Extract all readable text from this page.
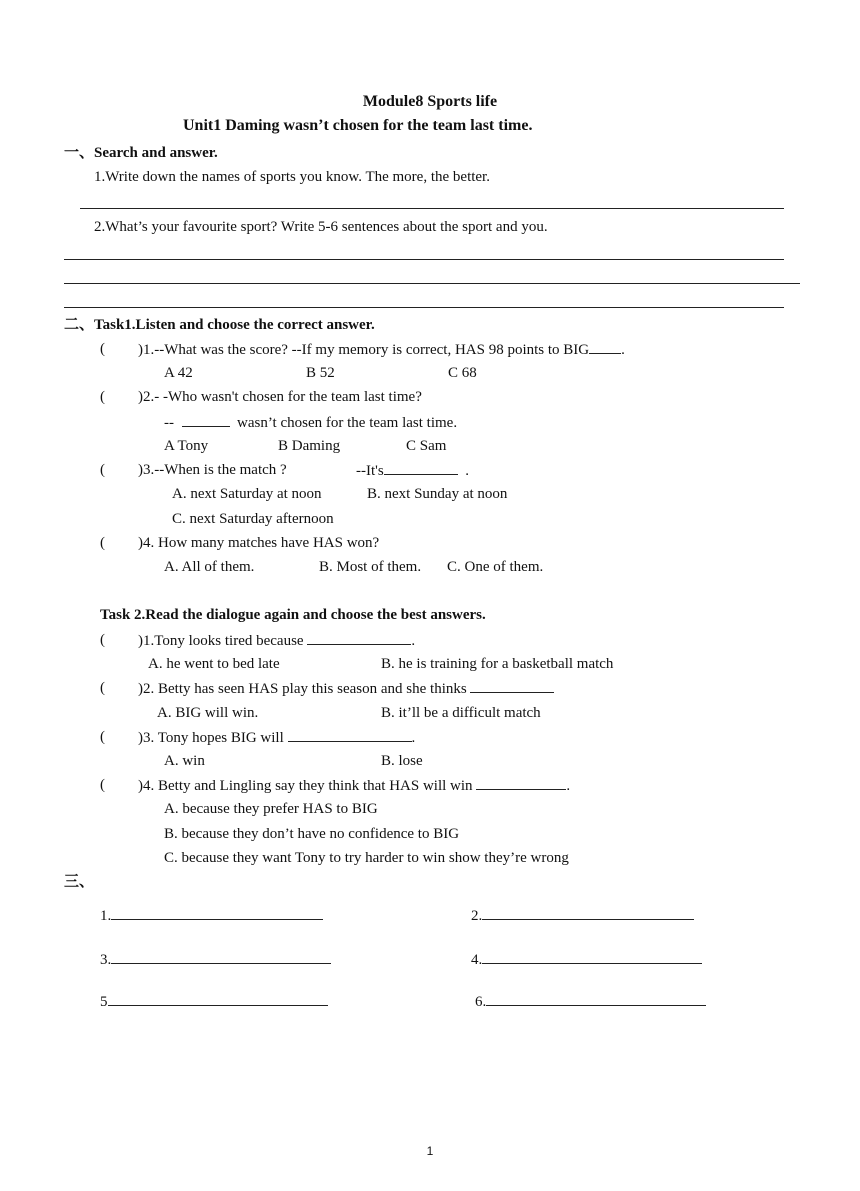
Module8 Sports life
Unit1 Daming wasn’t chosen for the team last time.
一、Search and answer.
1.Write down the names of sports you know. The more, the better.
2.What’s your favourite sport? Write 5-6 sentences about the sport and you.
二、Task1.Listen and choose the correct answer.
( )1.--What was the score? --If my memory is correct, HAS 98 points to BIG .
A 42	B 52	C 68
( )2.- -Who wasn't chosen for the team last time?
--	wasn’t chosen for the team last time.
A Tony	B Daming	C Sam
( )3.--When is the match ?	--It's	.
A. next Saturday at noon	B. next Sunday at noon
C. next Saturday afternoon
( )4. How many matches have HAS won?
A. All of them.	B. Most of them. C. One of them.
Task 2.Read the dialogue again and choose the best answers.
( )1.Tony looks tired because	.
A. he went to bed late	B. he is training for a basketball match
( )2. Betty has seen HAS play this season and she thinks
A. BIG will win.	B. it’ll be a difficult match
( )3. Tony hopes BIG will	.
A. win	B. lose
( )4. Betty and Lingling say they think that HAS will win	.
A. because they prefer HAS to BIG
B. because they don’t have no confidence to BIG
C. because they want Tony to try harder to win show they’re wrong
三、
1.	2.
3.	4.
5	6.
1
